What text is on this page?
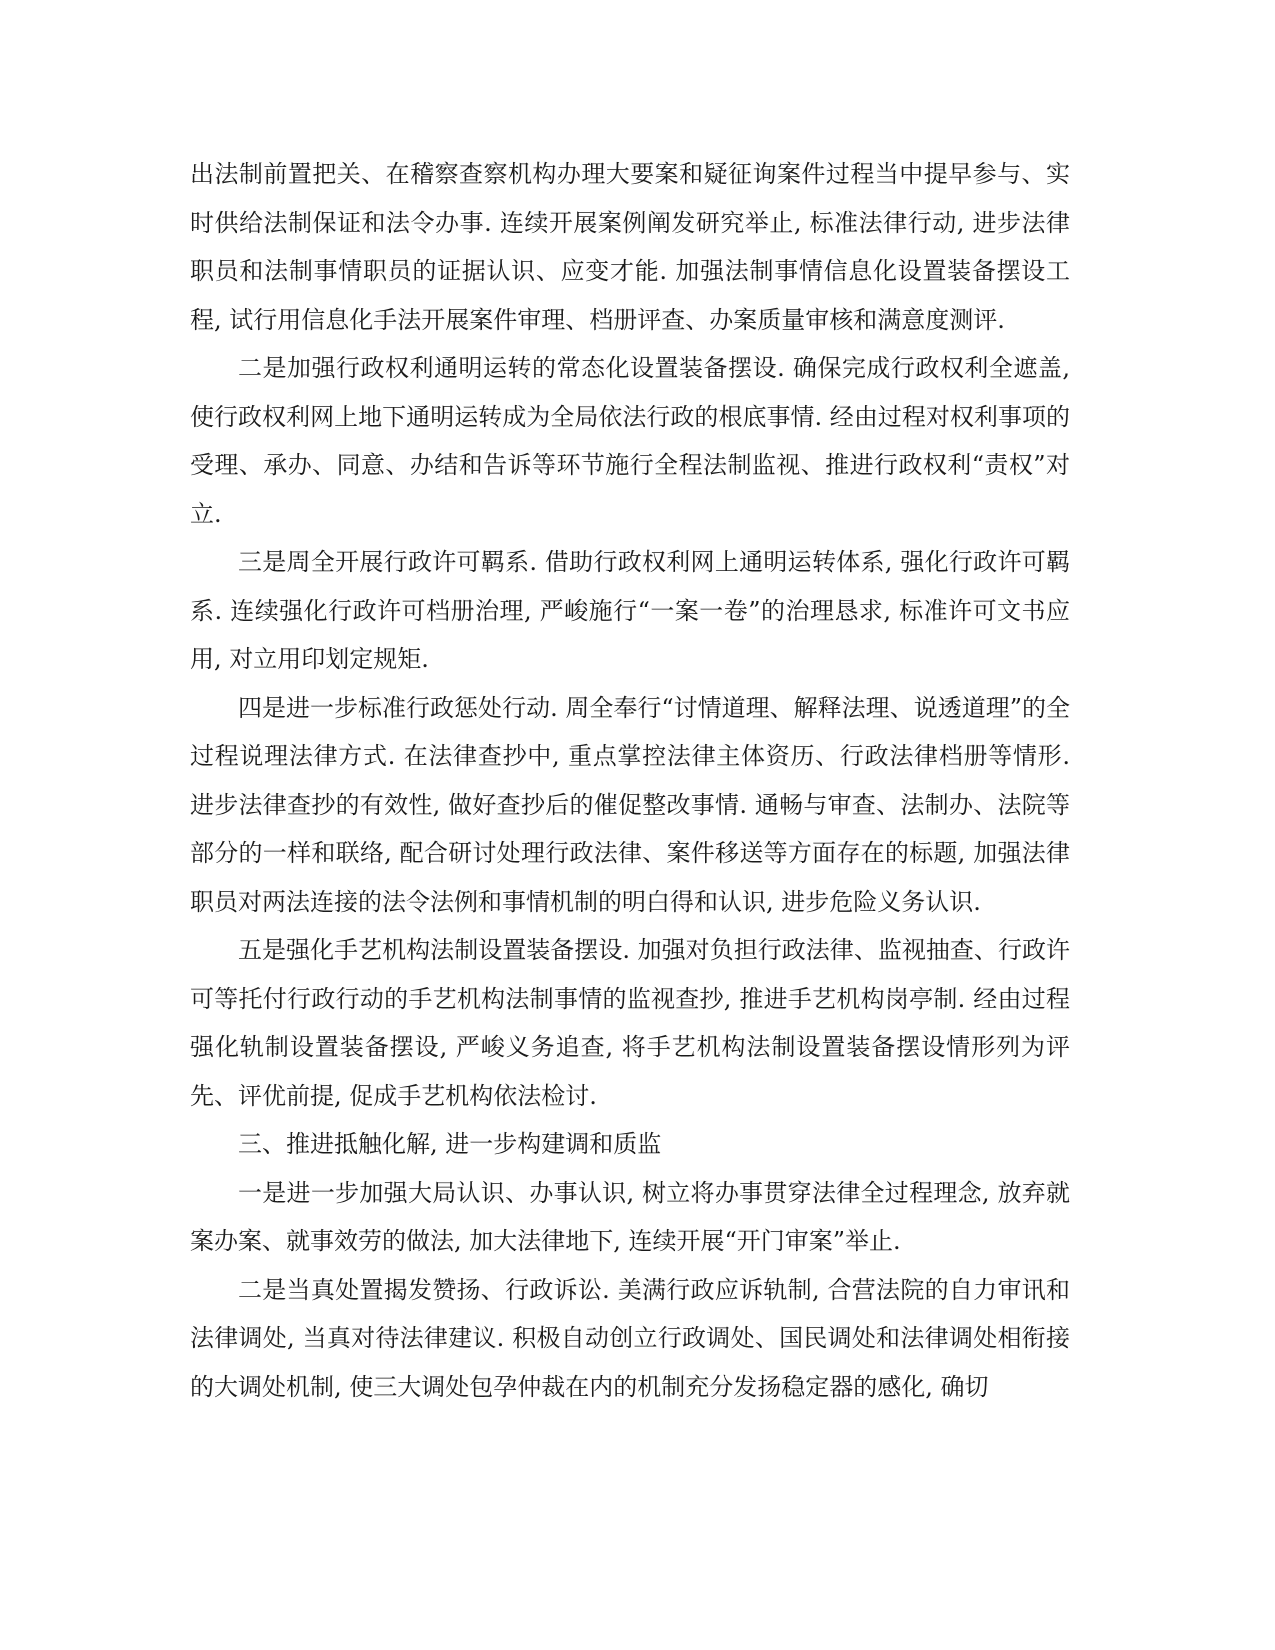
出法制前置把关、在稽察查察机构办理大要案和疑征询案件过程当中提早参与、实时供给法制保证和法令办事. 连续开展案例阐发研究举止, 标准法律行动, 进步法律职员和法制事情职员的证据认识、应变才能. 加强法制事情信息化设置装备摆设工程, 试行用信息化手法开展案件审理、档册评查、办案质量审核和满意度测评.

二是加强行政权利通明运转的常态化设置装备摆设. 确保完成行政权利全遮盖, 使行政权利网上地下通明运转成为全局依法行政的根底事情. 经由过程对权利事项的受理、承办、同意、办结和告诉等环节施行全程法制监视、推进行政权利“责权”对立.

三是周全开展行政许可羁系. 借助行政权利网上通明运转体系, 强化行政许可羁系. 连续强化行政许可档册治理, 严峻施行“一案一卷”的治理恳求, 标准许可文书应用, 对立用印划定规矩.

四是进一步标准行政惩处行动. 周全奉行“讨情道理、解释法理、说透道理”的全过程说理法律方式. 在法律查抄中, 重点掌控法律主体资历、行政法律档册等情形. 进步法律查抄的有效性, 做好查抄后的催促整改事情. 通畅与审查、法制办、法院等部分的一样和联络, 配合研讨处理行政法律、案件移送等方面存在的标题, 加强法律职员对两法连接的法令法例和事情机制的明白得和认识, 进步危险义务认识.

五是强化手艺机构法制设置装备摆设. 加强对负担行政法律、监视抽查、行政许可等托付行政行动的手艺机构法制事情的监视查抄, 推进手艺机构岗亭制. 经由过程强化轨制设置装备摆设, 严峻义务追查, 将手艺机构法制设置装备摆设情形列为评先、评优前提, 促成手艺机构依法检讨.

三、推进抵触化解, 进一步构建调和质监

一是进一步加强大局认识、办事认识, 树立将办事贯穿法律全过程理念, 放弃就案办案、就事效劳的做法, 加大法律地下, 连续开展“开门审案”举止.

二是当真处置揭发赞扬、行政诉讼. 美满行政应诉轨制, 合营法院的自力审讯和法律调处, 当真对待法律建议. 积极自动创立行政调处、国民调处和法律调处相衔接的大调处机制, 使三大调处包孕仲裁在内的机制充分发扬稳定器的感化, 确切
